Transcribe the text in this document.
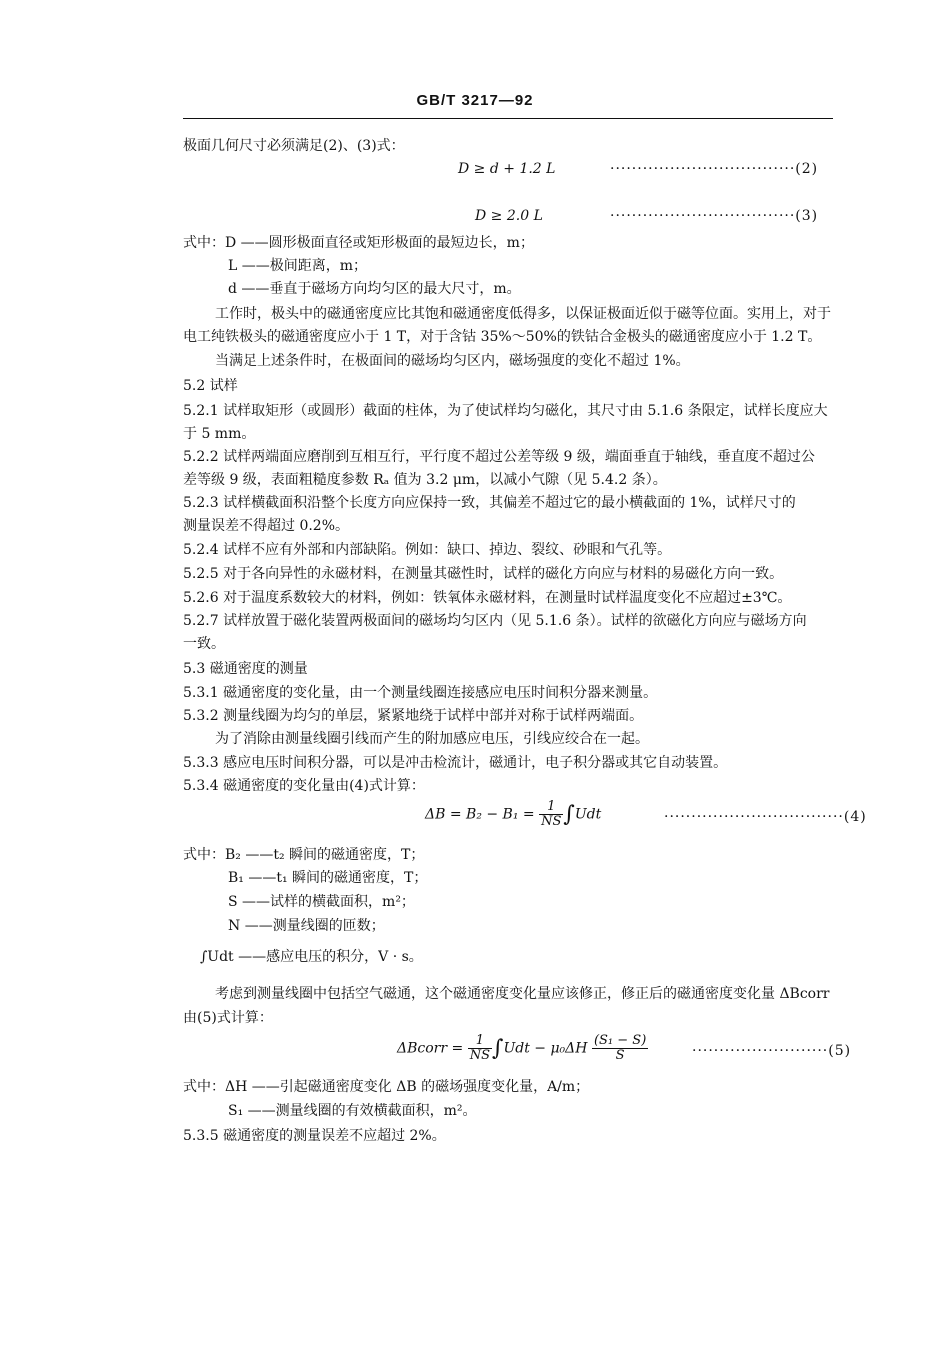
GB/T 3217—92
极面几何尺寸必须满足(2)、(3)式：
D ≥ d + 1.2 L	··································(2)
D ≥ 2.0 L	··································(3)
式中：D ——圆形极面直径或矩形极面的最短边长，m；
L ——极间距离，m；
d ——垂直于磁场方向均匀区的最大尺寸，m。
工作时，极头中的磁通密度应比其饱和磁通密度低得多，以保证极面近似于磁等位面。实用上，对于
电工纯铁极头的磁通密度应小于 1 T，对于含钴 35%～50%的铁钴合金极头的磁通密度应小于 1.2 T。
当满足上述条件时，在极面间的磁场均匀区内，磁场强度的变化不超过 1%。
5.2 试样
5.2.1 试样取矩形（或圆形）截面的柱体，为了使试样均匀磁化，其尺寸由 5.1.6 条限定，试样长度应大
于 5 mm。
5.2.2 试样两端面应磨削到互相互行，平行度不超过公差等级 9 级，端面垂直于轴线，垂直度不超过公
差等级 9 级，表面粗糙度参数 Rₐ 值为 3.2 μm，以减小气隙（见 5.4.2 条）。
5.2.3 试样横截面积沿整个长度方向应保持一致，其偏差不超过它的最小横截面的 1%，试样尺寸的
测量误差不得超过 0.2%。
5.2.4 试样不应有外部和内部缺陷。例如：缺口、掉边、裂纹、砂眼和气孔等。
5.2.5 对于各向异性的永磁材料，在测量其磁性时，试样的磁化方向应与材料的易磁化方向一致。
5.2.6 对于温度系数较大的材料，例如：铁氧体永磁材料，在测量时试样温度变化不应超过±3℃。
5.2.7 试样放置于磁化装置两极面间的磁场均匀区内（见 5.1.6 条）。试样的欲磁化方向应与磁场方向
一致。
5.3 磁通密度的测量
5.3.1 磁通密度的变化量，由一个测量线圈连接感应电压时间积分器来测量。
5.3.2 测量线圈为均匀的单层，紧紧地绕于试样中部并对称于试样两端面。
为了消除由测量线圈引线而产生的附加感应电压，引线应绞合在一起。
5.3.3 感应电压时间积分器，可以是冲击检流计，磁通计，电子积分器或其它自动装置。
5.3.4 磁通密度的变化量由(4)式计算：
$\Delta B = B_2 - B_1 = \frac{1}{NS} \int Udt$	·································(4)
式中：B₂ ——t₂ 瞬间的磁通密度，T；
B₁ ——t₁ 瞬间的磁通密度，T；
S ——试样的横截面积，m²；
N ——测量线圈的匝数；
∫Udt ——感应电压的积分，V · s。
考虑到测量线圈中包括空气磁通，这个磁通密度变化量应该修正，修正后的磁通密度变化量 ΔBcorr
由(5)式计算：
ΔBcorr = $\frac{1}{NS} \int Udt - \mu_0\Delta H \frac{\text{(S₁ − S)}}{S}$	·························(5)
式中：ΔH ——引起磁通密度变化 ΔB 的磁场强度变化量，A/m；
S₁ ——测量线圈的有效横截面积，m²。
5.3.5 磁通密度的测量误差不应超过 2%。
